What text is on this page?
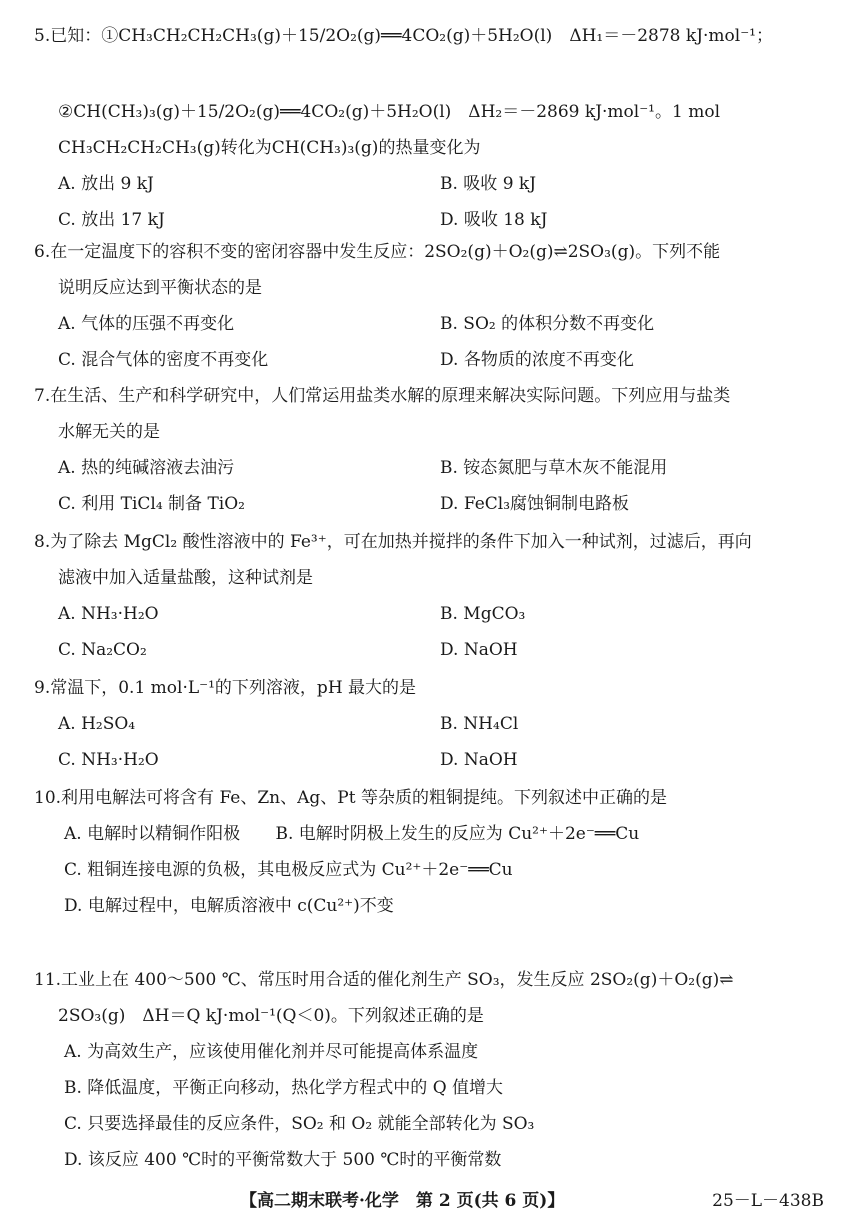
5.已知：①CH₃CH₂CH₂CH₃(g)＋15/2O₂(g)══4CO₂(g)＋5H₂O(l)　ΔH₁＝－2878 kJ·mol⁻¹；
②CH(CH₃)₃(g)＋15/2O₂(g)══4CO₂(g)＋5H₂O(l)　ΔH₂＝－2869 kJ·mol⁻¹。1 mol
CH₃CH₂CH₂CH₃(g)转化为CH(CH₃)₃(g)的热量变化为
A. 放出 9 kJ	B. 吸收 9 kJ
C. 放出 17 kJ	D. 吸收 18 kJ
6.在一定温度下的容积不变的密闭容器中发生反应：2SO₂(g)＋O₂(g)⇌2SO₃(g)。下列不能
说明反应达到平衡状态的是
A. 气体的压强不再变化	B. SO₂ 的体积分数不再变化
C. 混合气体的密度不再变化	D. 各物质的浓度不再变化
7.在生活、生产和科学研究中，人们常运用盐类水解的原理来解决实际问题。下列应用与盐类
水解无关的是
A. 热的纯碱溶液去油污	B. 铵态氮肥与草木灰不能混用
C. 利用 TiCl₄ 制备 TiO₂	D. FeCl₃腐蚀铜制电路板
8.为了除去 MgCl₂ 酸性溶液中的 Fe³⁺，可在加热并搅拌的条件下加入一种试剂，过滤后，再向
滤液中加入适量盐酸，这种试剂是
A. NH₃·H₂O	B. MgCO₃
C. Na₂CO₂	D. NaOH
9.常温下，0.1 mol·L⁻¹的下列溶液，pH 最大的是
A. H₂SO₄	B. NH₄Cl
C. NH₃·H₂O	D. NaOH
10.利用电解法可将含有 Fe、Zn、Ag、Pt 等杂质的粗铜提纯。下列叙述中正确的是
A. 电解时以精铜作阳极 B. 电解时阴极上发生的反应为 Cu²⁺＋2e⁻══Cu C. 粗铜连接电源的负极，其电极反应式为 Cu²⁺＋2e⁻══Cu D. 电解过程中，电解质溶液中 c(Cu²⁺)不变
11.工业上在 400～500 ℃、常压时用合适的催化剂生产 SO₃，发生反应 2SO₂(g)＋O₂(g)⇌
2SO₃(g)　ΔH＝Q kJ·mol⁻¹(Q＜0)。下列叙述正确的是
A. 为高效生产，应该使用催化剂并尽可能提高体系温度 B. 降低温度，平衡正向移动，热化学方程式中的 Q 值增大 C. 只要选择最佳的反应条件，SO₂ 和 O₂ 就能全部转化为 SO₃ D. 该反应 400 ℃时的平衡常数大于 500 ℃时的平衡常数
【高二期末联考·化学　第 2 页(共 6 页)】	25－L－438B
